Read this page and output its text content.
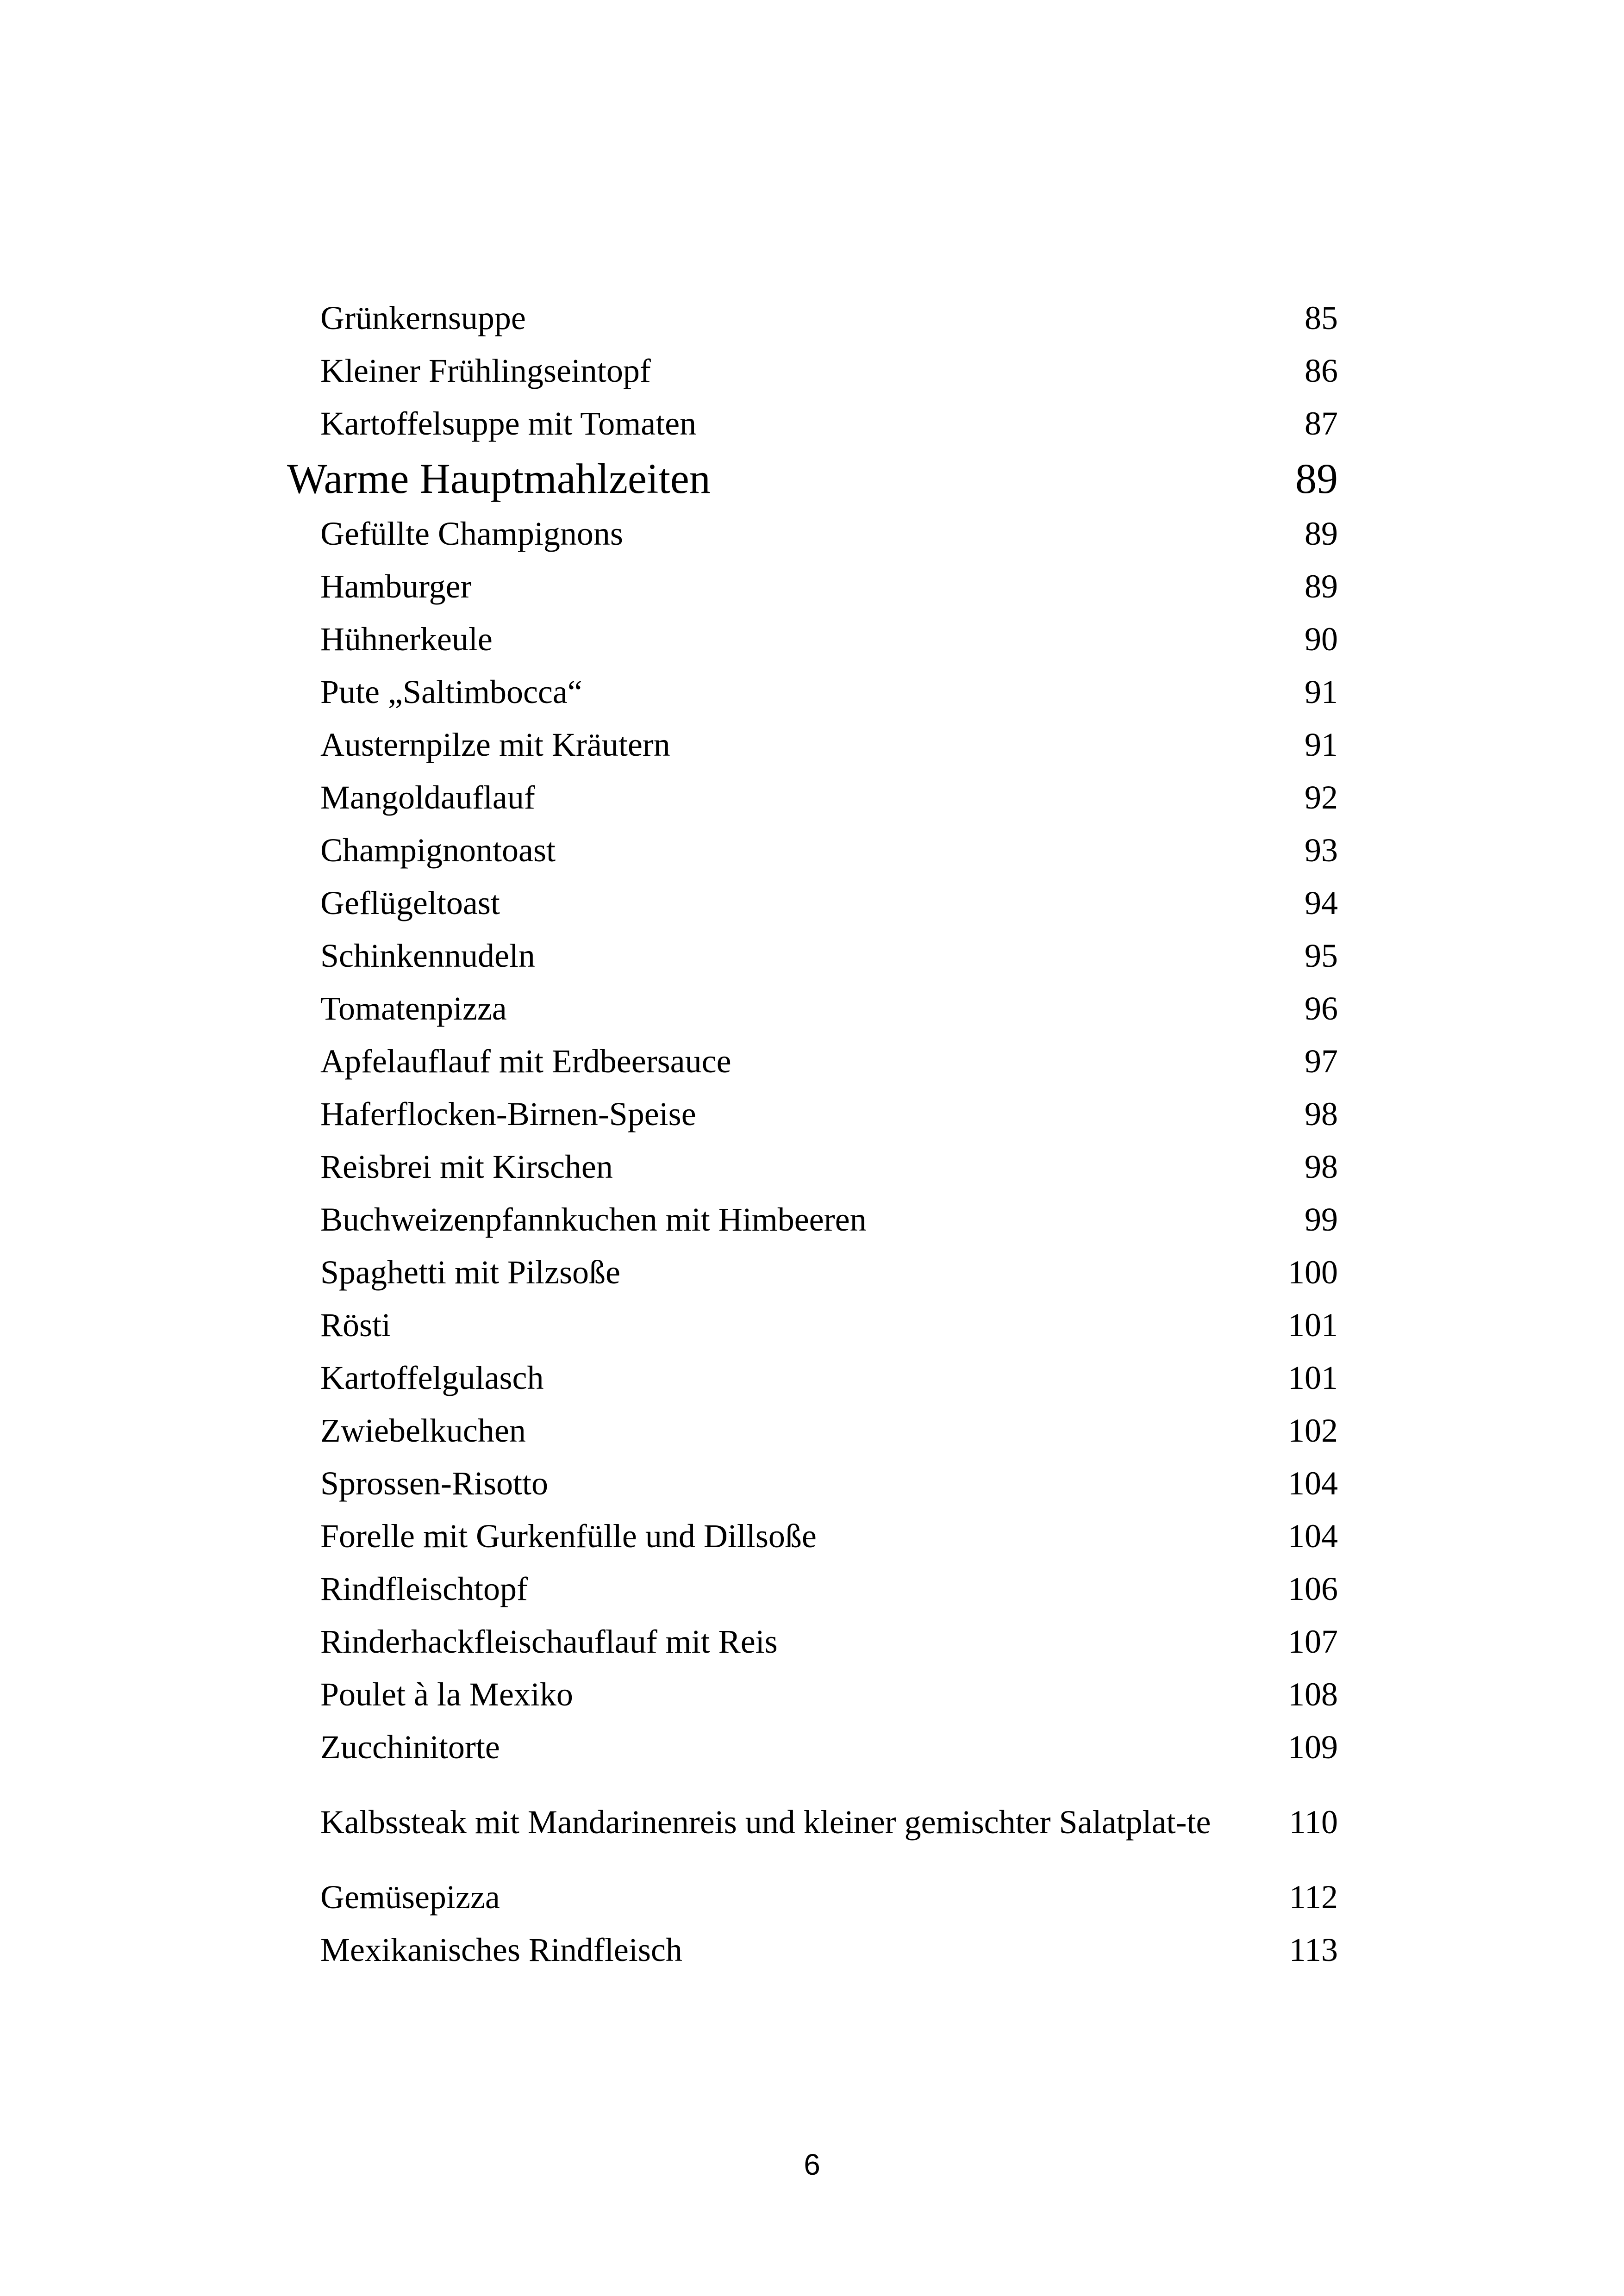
Grünkernsuppe	85
Kleiner Frühlingseintopf	86
Kartoffelsuppe mit Tomaten	87
Warme Hauptmahlzeiten	89
Gefüllte Champignons	89
Hamburger	89
Hühnerkeule	90
Pute „Saltimbocca“	91
Austernpilze mit Kräutern	91
Mangoldauflauf	92
Champignontoast	93
Geflügeltoast	94
Schinkennudeln	95
Tomatenpizza	96
Apfelauflauf mit Erdbeersauce	97
Haferflocken-Birnen-Speise	98
Reisbrei mit Kirschen	98
Buchweizenpfannkuchen mit Himbeeren	99
Spaghetti mit Pilzsoße	100
Rösti	101
Kartoffelgulasch	101
Zwiebelkuchen	102
Sprossen-Risotto	104
Forelle mit Gurkenfülle und Dillsoße	104
Rindfleischtopf	106
Rinderhackfleischauflauf mit Reis	107
Poulet à la Mexiko	108
Zucchinitorte	109
Kalbssteak mit Mandarinenreis und kleiner gemischter Salatplat-te	110
Gemüsepizza	112
Mexikanisches Rindfleisch	113
6
